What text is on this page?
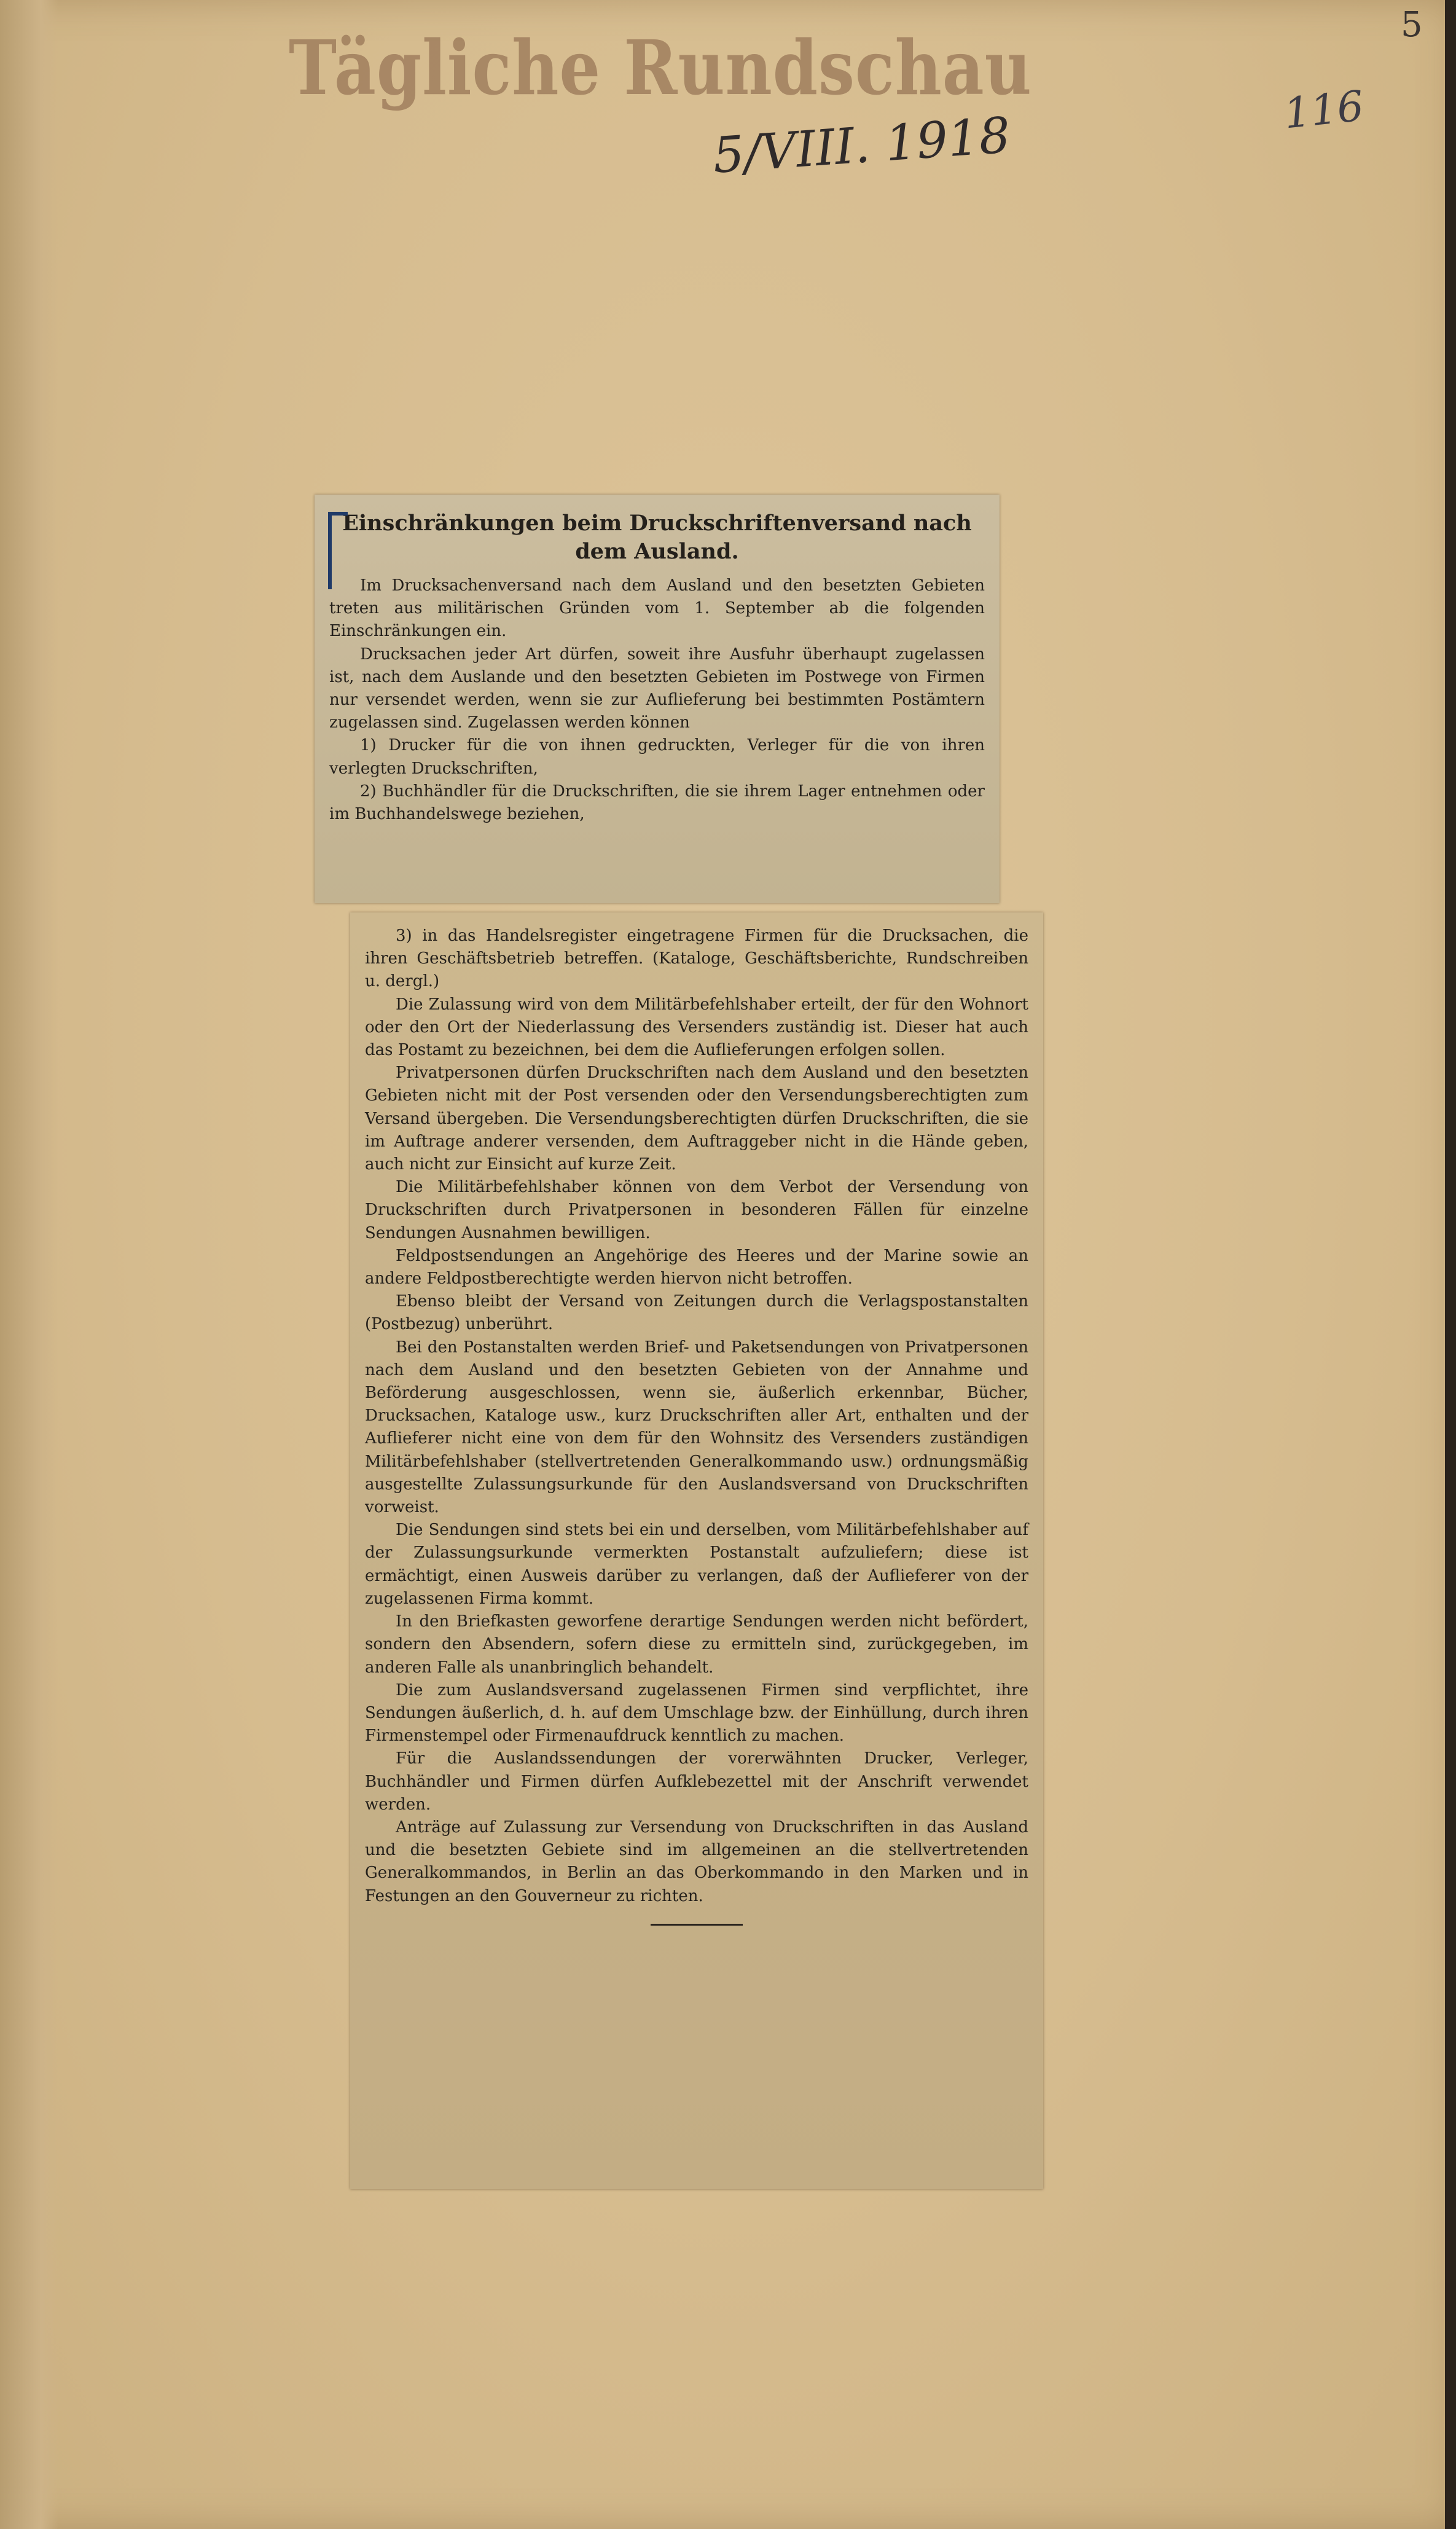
Tägliche Rundschau
5/VIII. 1918	116
5
Einschränkungen beim Druckschriftenversand nach dem Ausland.

Im Drucksachenversand nach dem Ausland und den besetzten Gebieten treten aus militärischen Gründen vom 1. September ab die folgenden Einschränkungen ein.

Drucksachen jeder Art dürfen, soweit ihre Ausfuhr überhaupt zugelassen ist, nach dem Auslande und den besetzten Gebieten im Postwege von Firmen nur versendet werden, wenn sie zur Auflieferung bei bestimmten Postämtern zugelassen sind. Zugelassen werden können

1) Drucker für die von ihnen gedruckten, Verleger für die von ihren verlegten Druckschriften,

2) Buchhändler für die Druckschriften, die sie ihrem Lager entnehmen oder im Buchhandelswege beziehen,

3) in das Handelsregister eingetragene Firmen für die Drucksachen, die ihren Geschäftsbetrieb betreffen. (Kataloge, Geschäftsberichte, Rundschreiben u. dergl.)

Die Zulassung wird von dem Militärbefehlshaber erteilt, der für den Wohnort oder den Ort der Niederlassung des Versenders zuständig ist. Dieser hat auch das Postamt zu bezeichnen, bei dem die Auflieferungen erfolgen sollen.

Privatpersonen dürfen Druckschriften nach dem Ausland und den besetzten Gebieten nicht mit der Post versenden oder den Versendungsberechtigten zum Versand übergeben. Die Versendungsberechtigten dürfen Druckschriften, die sie im Auftrage anderer versenden, dem Auftraggeber nicht in die Hände geben, auch nicht zur Einsicht auf kurze Zeit.

Die Militärbefehlshaber können von dem Verbot der Versendung von Druckschriften durch Privatpersonen in besonderen Fällen für einzelne Sendungen Ausnahmen bewilligen.

Feldpostsendungen an Angehörige des Heeres und der Marine sowie an andere Feldpostberechtigte werden hiervon nicht betroffen.

Ebenso bleibt der Versand von Zeitungen durch die Verlagspostanstalten (Postbezug) unberührt.

Bei den Postanstalten werden Brief- und Paketsendungen von Privatpersonen nach dem Ausland und den besetzten Gebieten von der Annahme und Beförderung ausgeschlossen, wenn sie, äußerlich erkennbar, Bücher, Drucksachen, Kataloge usw., kurz Druckschriften aller Art, enthalten und der Auflieferer nicht eine von dem für den Wohnsitz des Versenders zuständigen Militärbefehlshaber (stellvertretenden Generalkommando usw.) ordnungsmäßig ausgestellte Zulassungsurkunde für den Auslandsversand von Druckschriften vorweist.

Die Sendungen sind stets bei ein und derselben, vom Militärbefehlshaber auf der Zulassungsurkunde vermerkten Postanstalt aufzuliefern; diese ist ermächtigt, einen Ausweis darüber zu verlangen, daß der Auflieferer von der zugelassenen Firma kommt.

In den Briefkasten geworfene derartige Sendungen werden nicht befördert, sondern den Absendern, sofern diese zu ermitteln sind, zurückgegeben, im anderen Falle als unanbringlich behandelt.

Die zum Auslandsversand zugelassenen Firmen sind verpflichtet, ihre Sendungen äußerlich, d. h. auf dem Umschlage bzw. der Einhüllung, durch ihren Firmenstempel oder Firmenaufdruck kenntlich zu machen.

Für die Auslandssendungen der vorerwähnten Drucker, Verleger, Buchhändler und Firmen dürfen Aufklebezettel mit der Anschrift verwendet werden.

Anträge auf Zulassung zur Versendung von Druckschriften in das Ausland und die besetzten Gebiete sind im allgemeinen an die stellvertretenden Generalkommandos, in Berlin an das Oberkommando in den Marken und in Festungen an den Gouverneur zu richten.
